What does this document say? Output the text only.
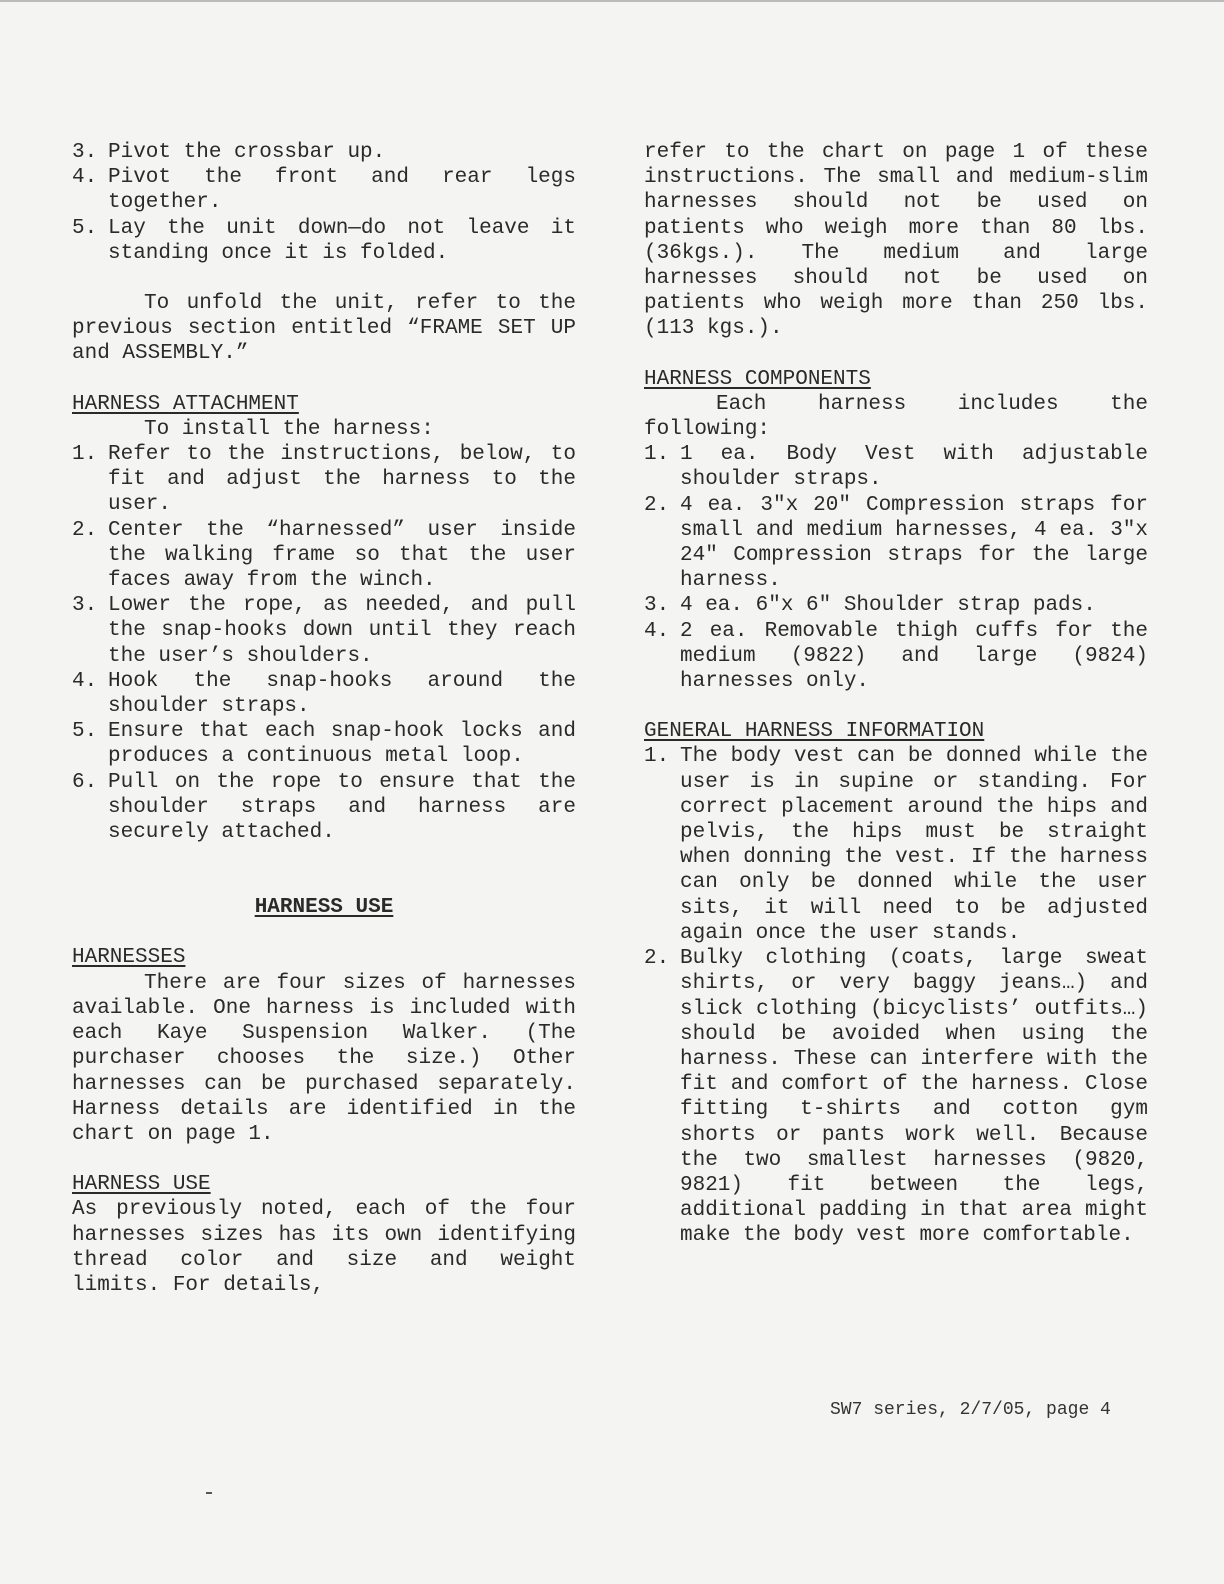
3. Pivot the crossbar up.
4. Pivot the front and rear legs together.
5. Lay the unit down—do not leave it standing once it is folded.

To unfold the unit, refer to the previous section entitled “FRAME SET UP and ASSEMBLY.”

HARNESS ATTACHMENT

To install the harness:

1. Refer to the instructions, below, to fit and adjust the harness to the user.
2. Center the “harnessed” user inside the walking frame so that the user faces away from the winch.
3. Lower the rope, as needed, and pull the snap-hooks down until they reach the user’s shoulders.
4. Hook the snap-hooks around the shoulder straps.
5. Ensure that each snap-hook locks and produces a continuous metal loop.
6. Pull on the rope to ensure that the shoulder straps and harness are securely attached.

HARNESS USE

HARNESSES

There are four sizes of harnesses available. One harness is included with each Kaye Suspension Walker. (The purchaser chooses the size.) Other harnesses can be purchased separately. Harness details are identified in the chart on page 1.

HARNESS USE

As previously noted, each of the four harnesses sizes has its own identifying thread color and size and weight limits. For details,

refer to the chart on page 1 of these instructions. The small and medium-slim harnesses should not be used on patients who weigh more than 80 lbs. (36kgs.). The medium and large harnesses should not be used on patients who weigh more than 250 lbs. (113 kgs.).

HARNESS COMPONENTS

Each harness includes the following:

1. 1 ea. Body Vest with adjustable shoulder straps.
2. 4 ea. 3″x 20″ Compression straps for small and medium harnesses, 4 ea. 3″x 24″ Compression straps for the large harness.
3. 4 ea. 6″x 6″ Shoulder strap pads.
4. 2 ea. Removable thigh cuffs for the medium (9822) and large (9824) harnesses only.
GENERAL HARNESS INFORMATION
1. The body vest can be donned while the user is in supine or standing. For correct placement around the hips and pelvis, the hips must be straight when donning the vest. If the harness can only be donned while the user sits, it will need to be adjusted again once the user stands.
2. Bulky clothing (coats, large sweat shirts, or very baggy jeans…) and slick clothing (bicyclists’ outfits…) should be avoided when using the harness. These can interfere with the fit and comfort of the harness. Close fitting t-shirts and cotton gym shorts or pants work well. Because the two smallest harnesses (9820, 9821) fit between the legs, additional padding in that area might make the body vest more comfortable.
SW7 series, 2/7/05, page 4
